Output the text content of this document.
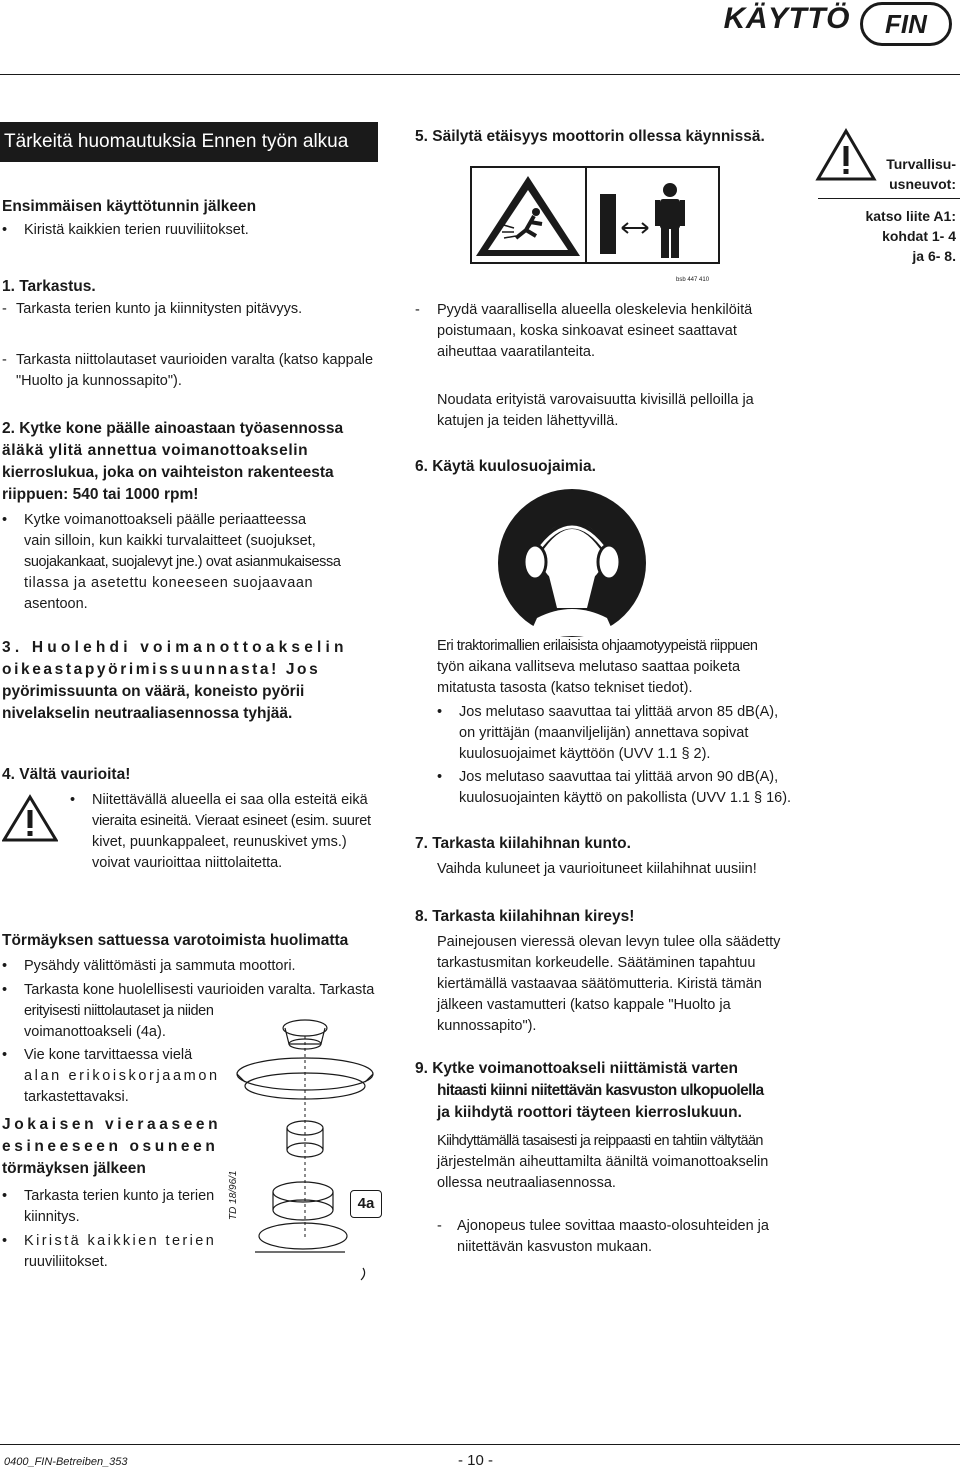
KÄYTTÖ	FIN
Tärkeitä huomautuksia Ennen työn alkua

Ensimmäisen käyttötunnin jälkeen

• Kiristä kaikkien terien ruuviliitokset.

1. Tarkastus.

- Tarkasta terien kunto ja kiinnitysten pitävyys.
- Tarkasta niittolautaset vaurioiden varalta (katso kappale
"Huolto ja kunnossapito").
2. Kytke kone päälle ainoastaan työasennossa
äläkä ylitä annettua voimanottoakselin
kierroslukua, joka on vaihteiston rakenteesta
riippuen: 540 tai 1000 rpm!
• Kytke voimanottoakseli päälle periaatteessa
vain silloin, kun kaikki turvalaitteet (suojukset,
suojakankaat, suojalevyt jne.) ovat asianmukaisessa
tilassa ja asetettu koneeseen suojaavaan
asentoon.
3. Huolehdi voimanottoakselin
oikeastapyörimissuunnasta! Jos
pyörimissuunta on väärä, koneisto pyörii
nivelakselin neutraaliasennossa tyhjää.

4. Vältä vaurioita!

• Niitettävällä alueella ei saa olla esteitä eikä
vieraita esineitä. Vieraat esineet (esim. suuret
kivet, puunkappaleet, reunuskivet yms.)
voivat vaurioittaa niittolaitetta.

Törmäyksen sattuessa varotoimista huolimatta

• Pysähdy välittömästi ja sammuta moottori.
• Tarkasta kone huolellisesti vaurioiden varalta. Tarkasta
erityisesti niittolautaset ja niiden
voimanottoakseli (4a).
• Vie kone tarvittaessa vielä
alan erikoiskorjaamon
tarkastettavaksi.
Jokaisen vieraaseen
esineeseen osuneen
törmäyksen jälkeen
• Tarkasta terien kunto ja terien
kiinnitys.
• Kiristä kaikkien terien
ruuviliitokset.
TD 18/96/1	4a

5. Säilytä etäisyys moottorin ollessa käynnissä.

bsb 447 410
Turvallisu-
usneuvot:
katso liite A1:
kohdat 1- 4
ja 6- 8.
-	Pyydä vaarallisella alueella oleskelevia henkilöitä
poistumaan, koska sinkoavat esineet saattavat
aiheuttaa vaaratilanteita.
Noudata erityistä varovaisuutta kivisillä pelloilla ja
katujen ja teiden lähettyvillä.

6. Käytä kuulosuojaimia.

Eri traktorimallien erilaisista ohjaamotyypeistä riippuen
työn aikana vallitseva melutaso saattaa poiketa
mitatusta tasosta (katso tekniset tiedot).
• Jos melutaso saavuttaa tai ylittää arvon 85 dB(A),
on yrittäjän (maanviljelijän) annettava sopivat
kuulosuojaimet käyttöön (UVV 1.1 § 2).
• Jos melutaso saavuttaa tai ylittää arvon 90 dB(A),
kuulosuojainten käyttö on pakollista (UVV 1.1 § 16).

7. Tarkasta kiilahihnan kunto.

Vaihda kuluneet ja vaurioituneet kiilahihnat uusiin!

8. Tarkasta kiilahihnan kireys!

Painejousen vieressä olevan levyn tulee olla säädetty
tarkastusmitan korkeudelle. Säätäminen tapahtuu
kiertämällä vastaavaa säätömutteria. Kiristä tämän
jälkeen vastamutteri (katso kappale "Huolto ja
kunnossapito").
9. Kytke voimanottoakseli niittämistä varten
hitaasti kiinni niitettävän kasvuston ulkopuolella
ja kiihdytä roottori täyteen kierroslukuun.
Kiihdyttämällä tasaisesti ja reippaasti en tahtiin vältytään
järjestelmän aiheuttamilta ääniltä voimanottoakselin
ollessa neutraaliasennossa.
-	Ajonopeus tulee sovittaa maasto-olosuhteiden ja
niitettävän kasvuston mukaan.
0400_FIN-Betreiben_353	- 10 -
